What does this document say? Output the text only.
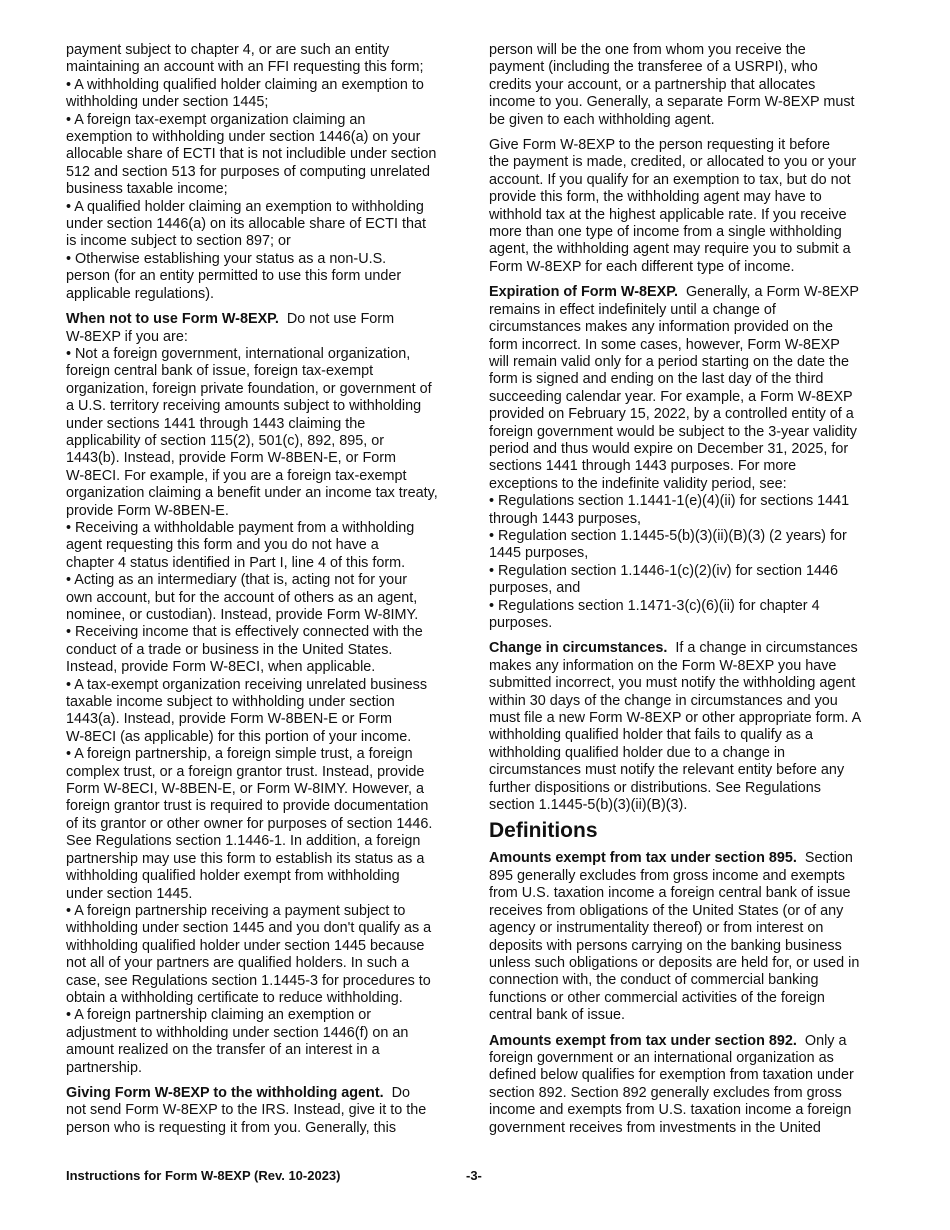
payment subject to chapter 4, or are such an entity
maintaining an account with an FFI requesting this form;
• A withholding qualified holder claiming an exemption to
withholding under section 1445;
• A foreign tax-exempt organization claiming an
exemption to withholding under section 1446(a) on your
allocable share of ECTI that is not includible under section
512 and section 513 for purposes of computing unrelated
business taxable income;
• A qualified holder claiming an exemption to withholding
under section 1446(a) on its allocable share of ECTI that
is income subject to section 897; or
• Otherwise establishing your status as a non-U.S.
person (for an entity permitted to use this form under
applicable regulations).
When not to use Form W-8EXP.  Do not use Form
W-8EXP if you are:
• Not a foreign government, international organization,
foreign central bank of issue, foreign tax-exempt
organization, foreign private foundation, or government of
a U.S. territory receiving amounts subject to withholding
under sections 1441 through 1443 claiming the
applicability of section 115(2), 501(c), 892, 895, or
1443(b). Instead, provide Form W-8BEN-E, or Form
W-8ECI. For example, if you are a foreign tax-exempt
organization claiming a benefit under an income tax treaty,
provide Form W-8BEN-E.
• Receiving a withholdable payment from a withholding
agent requesting this form and you do not have a
chapter 4 status identified in Part I, line 4 of this form.
• Acting as an intermediary (that is, acting not for your
own account, but for the account of others as an agent,
nominee, or custodian). Instead, provide Form W-8IMY.
• Receiving income that is effectively connected with the
conduct of a trade or business in the United States.
Instead, provide Form W-8ECI, when applicable.
• A tax-exempt organization receiving unrelated business
taxable income subject to withholding under section
1443(a). Instead, provide Form W-8BEN-E or Form
W-8ECI (as applicable) for this portion of your income.
• A foreign partnership, a foreign simple trust, a foreign
complex trust, or a foreign grantor trust. Instead, provide
Form W-8ECI, W-8BEN-E, or Form W-8IMY. However, a
foreign grantor trust is required to provide documentation
of its grantor or other owner for purposes of section 1446.
See Regulations section 1.1446-1. In addition, a foreign
partnership may use this form to establish its status as a
withholding qualified holder exempt from withholding
under section 1445.
• A foreign partnership receiving a payment subject to
withholding under section 1445 and you don't qualify as a
withholding qualified holder under section 1445 because
not all of your partners are qualified holders. In such a
case, see Regulations section 1.1445-3 for procedures to
obtain a withholding certificate to reduce withholding.
• A foreign partnership claiming an exemption or
adjustment to withholding under section 1446(f) on an
amount realized on the transfer of an interest in a
partnership.
Giving Form W-8EXP to the withholding agent.  Do
not send Form W-8EXP to the IRS. Instead, give it to the
person who is requesting it from you. Generally, this
person will be the one from whom you receive the
payment (including the transferee of a USRPI), who
credits your account, or a partnership that allocates
income to you. Generally, a separate Form W-8EXP must
be given to each withholding agent.
Give Form W-8EXP to the person requesting it before
the payment is made, credited, or allocated to you or your
account. If you qualify for an exemption to tax, but do not
provide this form, the withholding agent may have to
withhold tax at the highest applicable rate. If you receive
more than one type of income from a single withholding
agent, the withholding agent may require you to submit a
Form W-8EXP for each different type of income.
Expiration of Form W-8EXP.  Generally, a Form W-8EXP
remains in effect indefinitely until a change of
circumstances makes any information provided on the
form incorrect. In some cases, however, Form W-8EXP
will remain valid only for a period starting on the date the
form is signed and ending on the last day of the third
succeeding calendar year. For example, a Form W-8EXP
provided on February 15, 2022, by a controlled entity of a
foreign government would be subject to the 3-year validity
period and thus would expire on December 31, 2025, for
sections 1441 through 1443 purposes. For more
exceptions to the indefinite validity period, see:
• Regulations section 1.1441-1(e)(4)(ii) for sections 1441
through 1443 purposes,
• Regulation section 1.1445-5(b)(3)(ii)(B)(3) (2 years) for
1445 purposes,
• Regulation section 1.1446-1(c)(2)(iv) for section 1446
purposes, and
• Regulations section 1.1471-3(c)(6)(ii) for chapter 4
purposes.
Change in circumstances.  If a change in circumstances
makes any information on the Form W-8EXP you have
submitted incorrect, you must notify the withholding agent
within 30 days of the change in circumstances and you
must file a new Form W-8EXP or other appropriate form. A
withholding qualified holder that fails to qualify as a
withholding qualified holder due to a change in
circumstances must notify the relevant entity before any
further dispositions or distributions. See Regulations
section 1.1445-5(b)(3)(ii)(B)(3).
Definitions
Amounts exempt from tax under section 895.  Section
895 generally excludes from gross income and exempts
from U.S. taxation income a foreign central bank of issue
receives from obligations of the United States (or of any
agency or instrumentality thereof) or from interest on
deposits with persons carrying on the banking business
unless such obligations or deposits are held for, or used in
connection with, the conduct of commercial banking
functions or other commercial activities of the foreign
central bank of issue.
Amounts exempt from tax under section 892.  Only a
foreign government or an international organization as
defined below qualifies for exemption from taxation under
section 892. Section 892 generally excludes from gross
income and exempts from U.S. taxation income a foreign
government receives from investments in the United
Instructions for Form W-8EXP (Rev. 10-2023)	-3-
